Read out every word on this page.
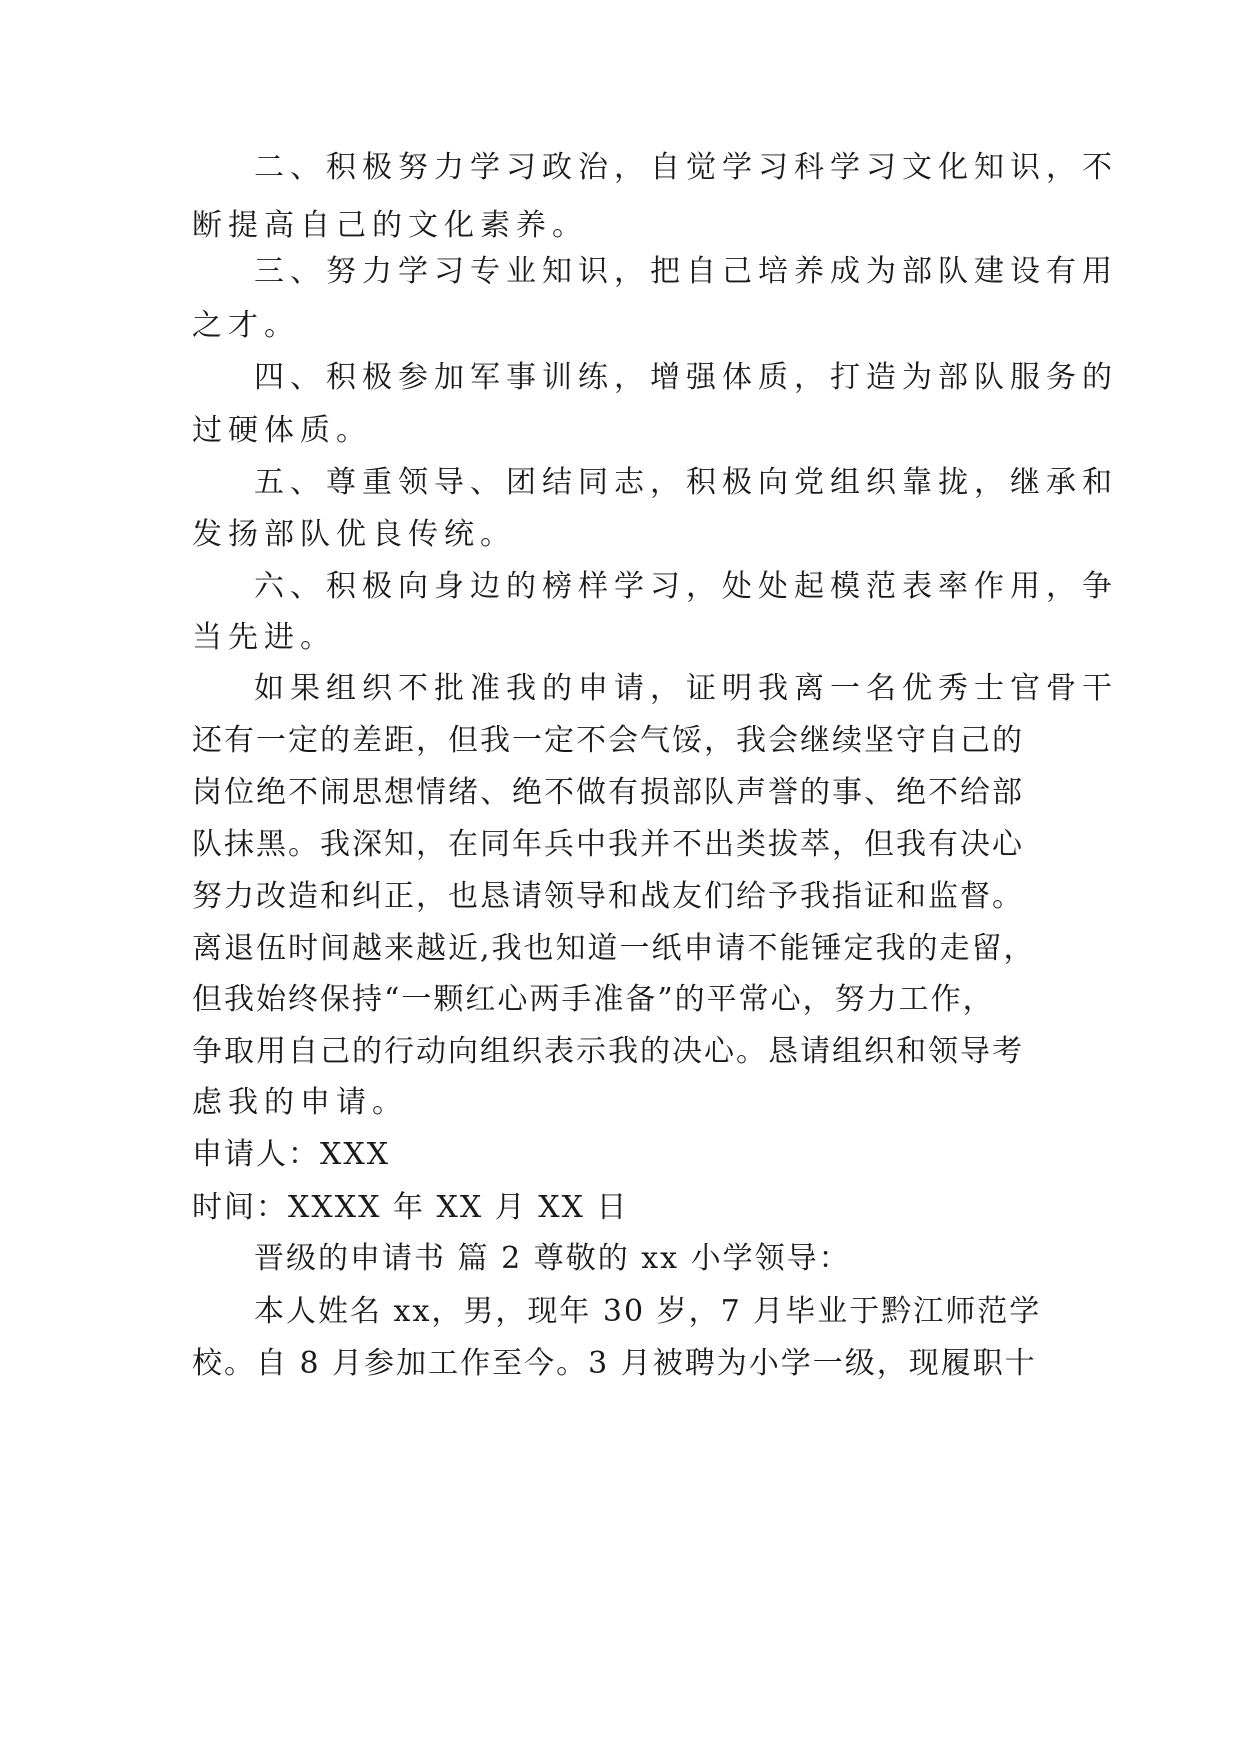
二、积极努力学习政治，自觉学习科学习文化知识，不
断提高自己的文化素养。
三、努力学习专业知识，把自己培养成为部队建设有用
之才。
四、积极参加军事训练，增强体质，打造为部队服务的
过硬体质。
五、尊重领导、团结同志，积极向党组织靠拢，继承和
发扬部队优良传统。
六、积极向身边的榜样学习，处处起模范表率作用，争
当先进。
如果组织不批准我的申请，证明我离一名优秀士官骨干
还有一定的差距，但我一定不会气馁，我会继续坚守自己的
岗位绝不闹思想情绪、绝不做有损部队声誉的事、绝不给部
队抹黑。我深知，在同年兵中我并不出类拔萃，但我有决心
努力改造和纠正，也恳请领导和战友们给予我指证和监督。
离退伍时间越来越近,我也知道一纸申请不能锤定我的走留，
但我始终保持“一颗红心两手准备”的平常心，努力工作，
争取用自己的行动向组织表示我的决心。恳请组织和领导考
虑我的申请。
申请人：XXX
时间：XXXX 年 XX 月 XX 日
晋级的申请书 篇 2 尊敬的 xx 小学领导：
本人姓名 xx，男，现年 30 岁，7 月毕业于黔江师范学
校。自 8 月参加工作至今。3 月被聘为小学一级，现履职十
